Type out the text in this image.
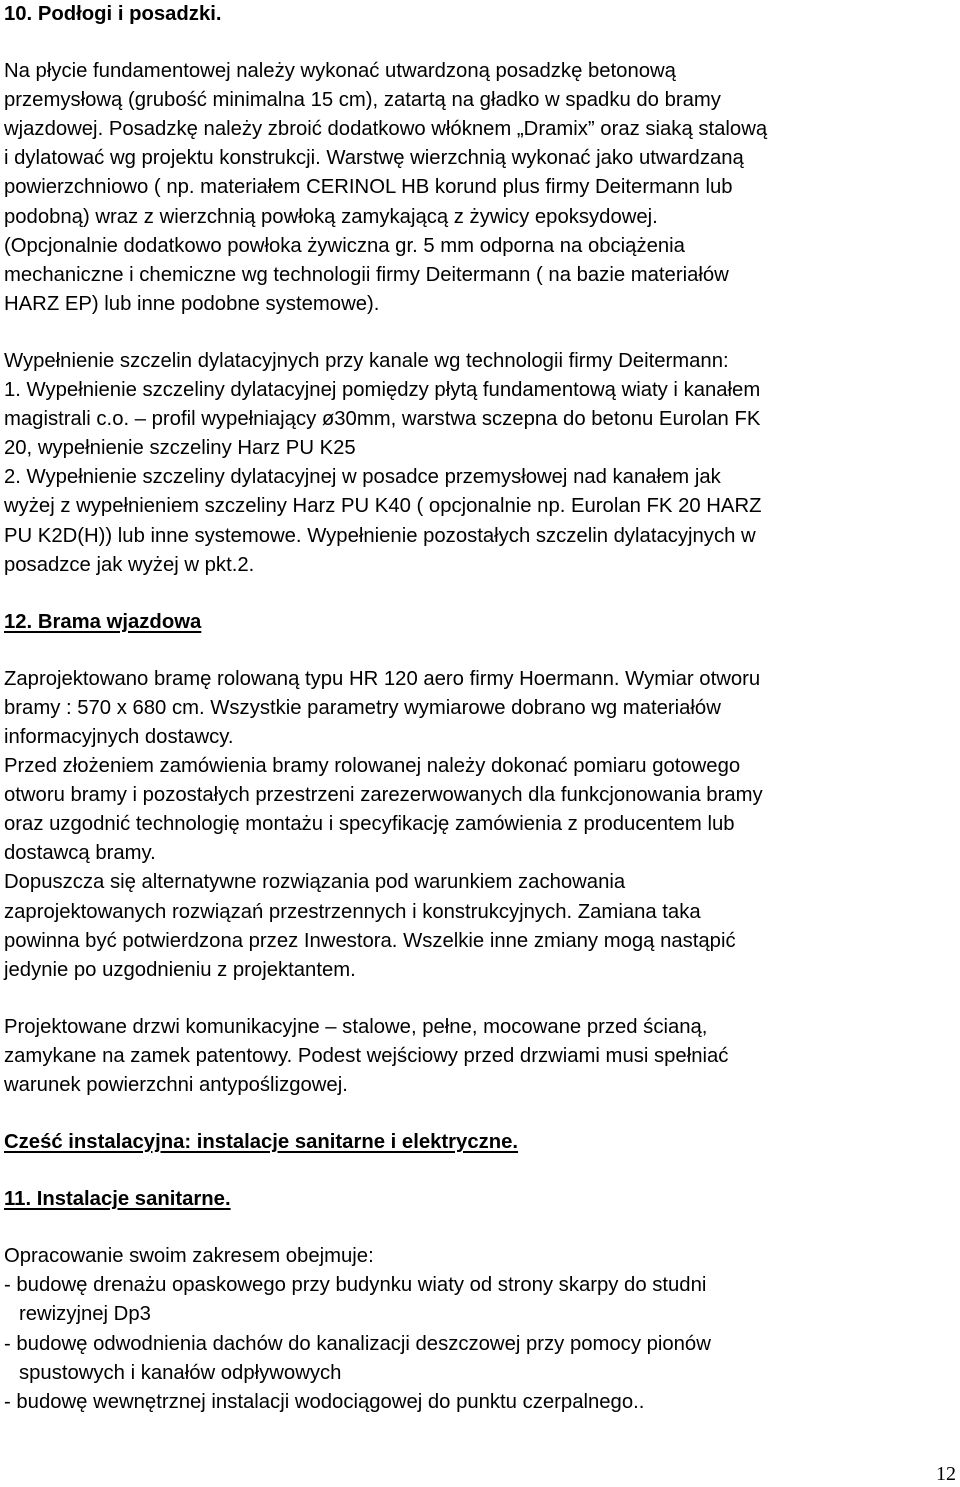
10. Podłogi i posadzki.
Na płycie fundamentowej należy wykonać utwardzoną posadzkę betonową
przemysłową (grubość minimalna 15 cm), zatartą na gładko w spadku do bramy
wjazdowej. Posadzkę należy zbroić dodatkowo włóknem „Dramix” oraz siaką stalową
i dylatować wg projektu konstrukcji. Warstwę wierzchnią wykonać jako utwardzaną
powierzchniowo ( np. materiałem CERINOL HB korund plus firmy Deitermann lub
podobną) wraz z wierzchnią powłoką zamykającą z żywicy epoksydowej.
(Opcjonalnie dodatkowo powłoka żywiczna gr. 5 mm odporna na obciążenia
mechaniczne i chemiczne wg technologii firmy Deitermann ( na bazie materiałów
HARZ EP) lub inne podobne systemowe).
Wypełnienie szczelin dylatacyjnych przy kanale wg technologii firmy Deitermann:
1. Wypełnienie szczeliny dylatacyjnej pomiędzy płytą fundamentową wiaty i kanałem
magistrali c.o. – profil wypełniający ø30mm, warstwa sczepna do betonu Eurolan FK
20, wypełnienie szczeliny Harz PU K25
2. Wypełnienie szczeliny dylatacyjnej w posadce przemysłowej nad kanałem jak
wyżej z wypełnieniem szczeliny Harz PU K40 ( opcjonalnie np. Eurolan FK 20 HARZ
PU K2D(H)) lub inne systemowe. Wypełnienie pozostałych szczelin dylatacyjnych w
posadzce jak wyżej w pkt.2.
12. Brama wjazdowa
Zaprojektowano bramę rolowaną typu HR 120 aero firmy Hoermann. Wymiar otworu
bramy : 570 x 680 cm. Wszystkie parametry wymiarowe dobrano wg materiałów
informacyjnych dostawcy.
Przed złożeniem zamówienia bramy rolowanej należy dokonać pomiaru gotowego
otworu bramy i pozostałych przestrzeni zarezerwowanych dla funkcjonowania bramy
oraz uzgodnić technologię montażu i specyfikację zamówienia z producentem lub
dostawcą bramy.
Dopuszcza się alternatywne rozwiązania pod warunkiem zachowania
zaprojektowanych rozwiązań przestrzennych i konstrukcyjnych. Zamiana taka
powinna być potwierdzona przez Inwestora. Wszelkie inne zmiany mogą nastąpić
jedynie po uzgodnieniu z projektantem.
Projektowane drzwi komunikacyjne – stalowe, pełne, mocowane przed ścianą,
zamykane na zamek patentowy. Podest wejściowy przed drzwiami musi spełniać
warunek powierzchni antypoślizgowej.
Cześć instalacyjna: instalacje sanitarne i elektryczne.
11. Instalacje sanitarne.
Opracowanie swoim zakresem obejmuje:
- budowę drenażu opaskowego przy budynku wiaty od strony skarpy do studni
rewizyjnej Dp3
- budowę odwodnienia dachów do kanalizacji deszczowej przy pomocy pionów
spustowych i kanałów odpływowych
- budowę wewnętrznej instalacji wodociągowej do punktu czerpalnego..
12
